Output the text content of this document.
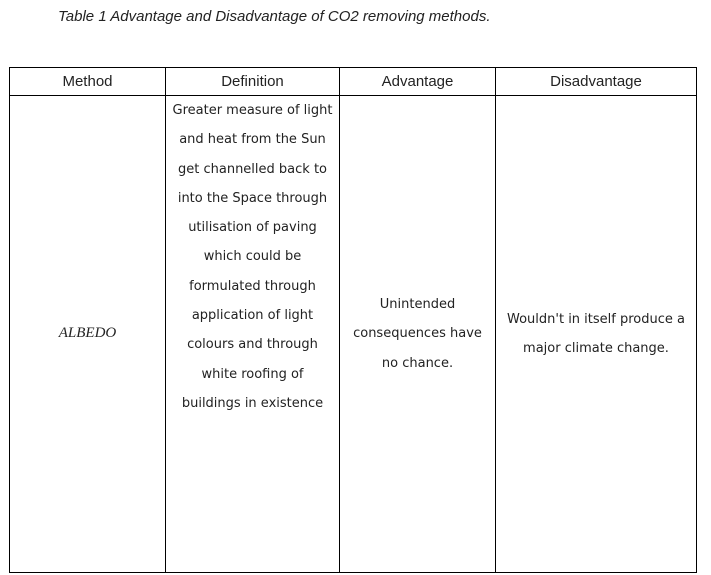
Table 1 Advantage and Disadvantage of CO2 removing methods.
Method	Definition	Advantage	Disadvantage

ALBEDO	Greater measure of light and heat from the Sun get channelled back to into the Space through utilisation of paving which could be formulated through application of light colours and through white roofing of buildings in existence	Unintended consequences have no chance.	Wouldn't in itself produce a major climate change.
